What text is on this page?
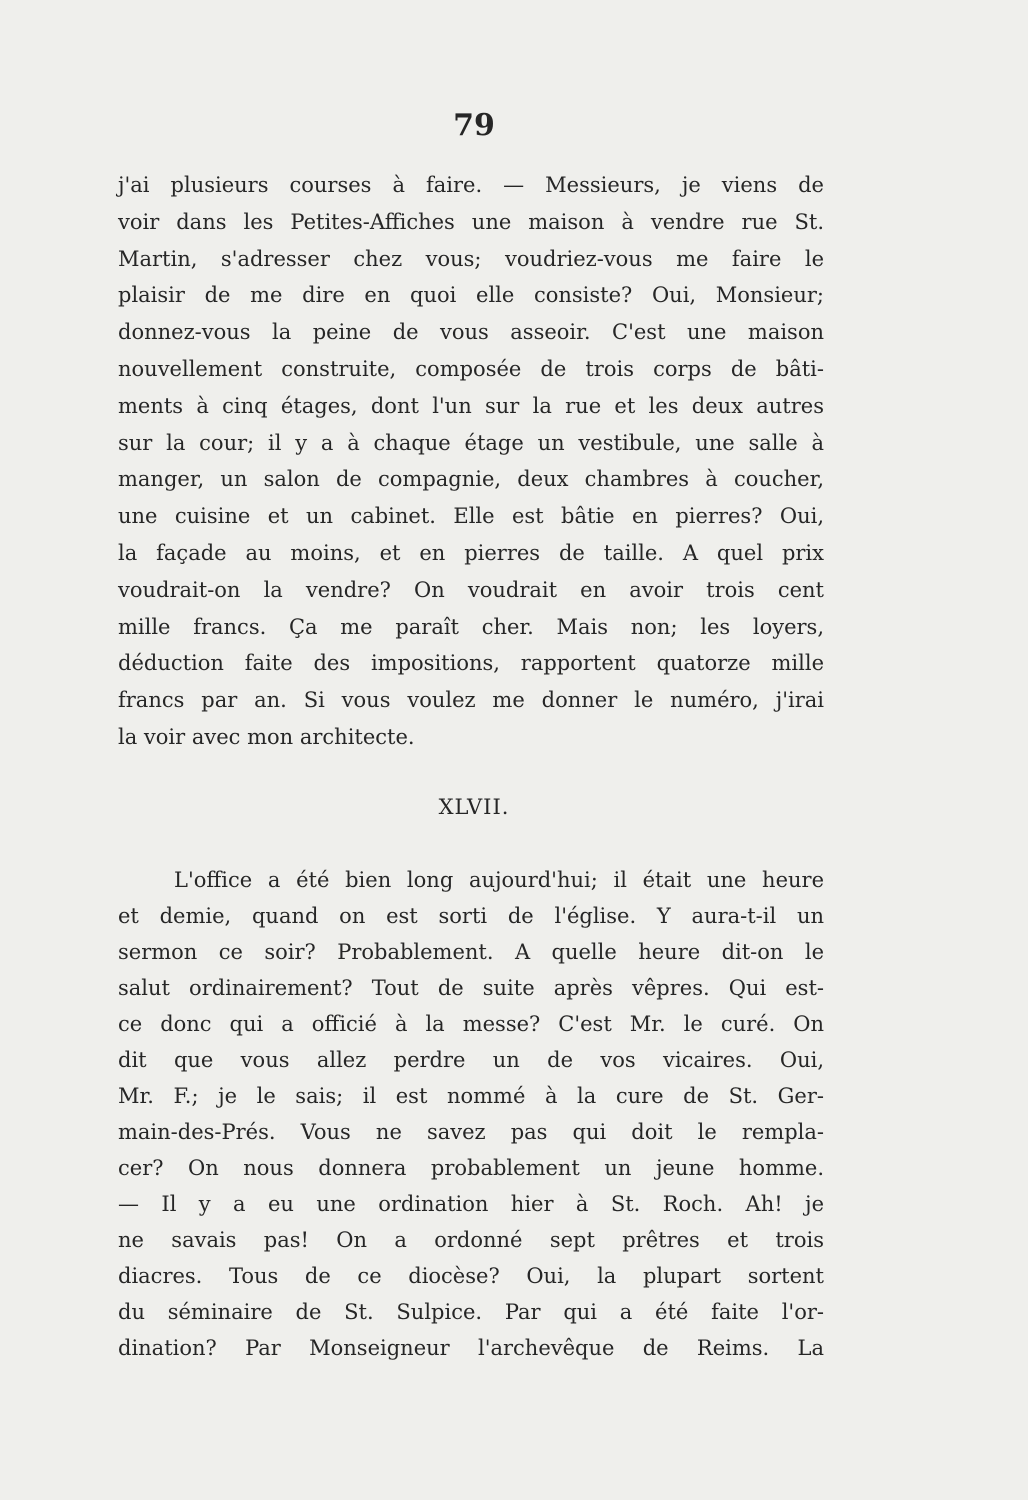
79
j'ai plusieurs courses à faire. — Messieurs, je viens de
voir dans les Petites-Affiches une maison à vendre rue St.
Martin, s'adresser chez vous; voudriez-vous me faire le
plaisir de me dire en quoi elle consiste? Oui, Monsieur;
donnez-vous la peine de vous asseoir. C'est une maison
nouvellement construite, composée de trois corps de bâti-
ments à cinq étages, dont l'un sur la rue et les deux autres
sur la cour; il y a à chaque étage un vestibule, une salle à
manger, un salon de compagnie, deux chambres à coucher,
une cuisine et un cabinet. Elle est bâtie en pierres? Oui,
la façade au moins, et en pierres de taille. A quel prix
voudrait-on la vendre? On voudrait en avoir trois cent
mille francs. Ça me paraît cher. Mais non; les loyers,
déduction faite des impositions, rapportent quatorze mille
francs par an. Si vous voulez me donner le numéro, j'irai
la voir avec mon architecte.
XLVII.
L'office a été bien long aujourd'hui; il était une heure
et demie, quand on est sorti de l'église. Y aura-t-il un
sermon ce soir? Probablement. A quelle heure dit-on le
salut ordinairement? Tout de suite après vêpres. Qui est-
ce donc qui a officié à la messe? C'est Mr. le curé. On
dit que vous allez perdre un de vos vicaires. Oui,
Mr. F.; je le sais; il est nommé à la cure de St. Ger-
main-des-Prés. Vous ne savez pas qui doit le rempla-
cer? On nous donnera probablement un jeune homme.
— Il y a eu une ordination hier à St. Roch. Ah! je
ne savais pas! On a ordonné sept prêtres et trois
diacres. Tous de ce diocèse? Oui, la plupart sortent
du séminaire de St. Sulpice. Par qui a été faite l'or-
dination? Par Monseigneur l'archevêque de Reims. La
